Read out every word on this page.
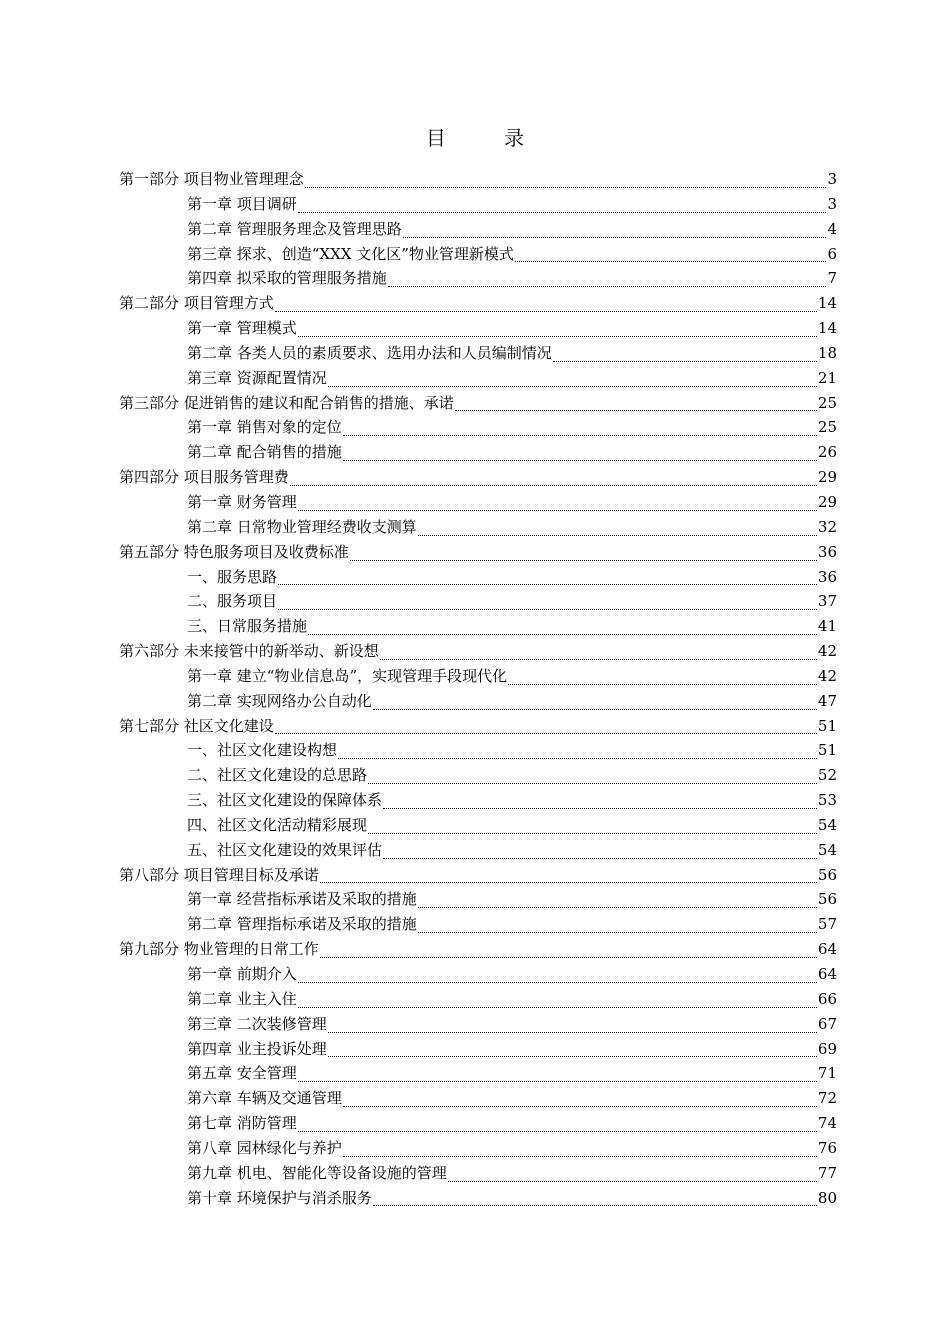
目 录
第一部分 项目物业管理理念	3
第一章 项目调研	3
第二章 管理服务理念及管理思路	4
第三章 探求、创造“XXX 文化区”物业管理新模式	6
第四章 拟采取的管理服务措施	7
第二部分 项目管理方式	14
第一章 管理模式	14
第二章 各类人员的素质要求、选用办法和人员编制情况	18
第三章 资源配置情况	21
第三部分 促进销售的建议和配合销售的措施、承诺	25
第一章 销售对象的定位	25
第二章 配合销售的措施	26
第四部分 项目服务管理费	29
第一章 财务管理	29
第二章 日常物业管理经费收支测算	32
第五部分 特色服务项目及收费标准	36
一、服务思路	36
二、服务项目	37
三、日常服务措施	41
第六部分 未来接管中的新举动、新设想	42
第一章 建立“物业信息岛”，实现管理手段现代化	42
第二章 实现网络办公自动化	47
第七部分 社区文化建设	51
一、社区文化建设构想	51
二、社区文化建设的总思路	52
三、社区文化建设的保障体系	53
四、社区文化活动精彩展现	54
五、社区文化建设的效果评估	54
第八部分 项目管理目标及承诺	56
第一章 经营指标承诺及采取的措施	56
第二章 管理指标承诺及采取的措施	57
第九部分 物业管理的日常工作	64
第一章 前期介入	64
第二章 业主入住	66
第三章 二次装修管理	67
第四章 业主投诉处理	69
第五章 安全管理	71
第六章 车辆及交通管理	72
第七章 消防管理	74
第八章 园林绿化与养护	76
第九章 机电、智能化等设备设施的管理	77
第十章 环境保护与消杀服务	80
